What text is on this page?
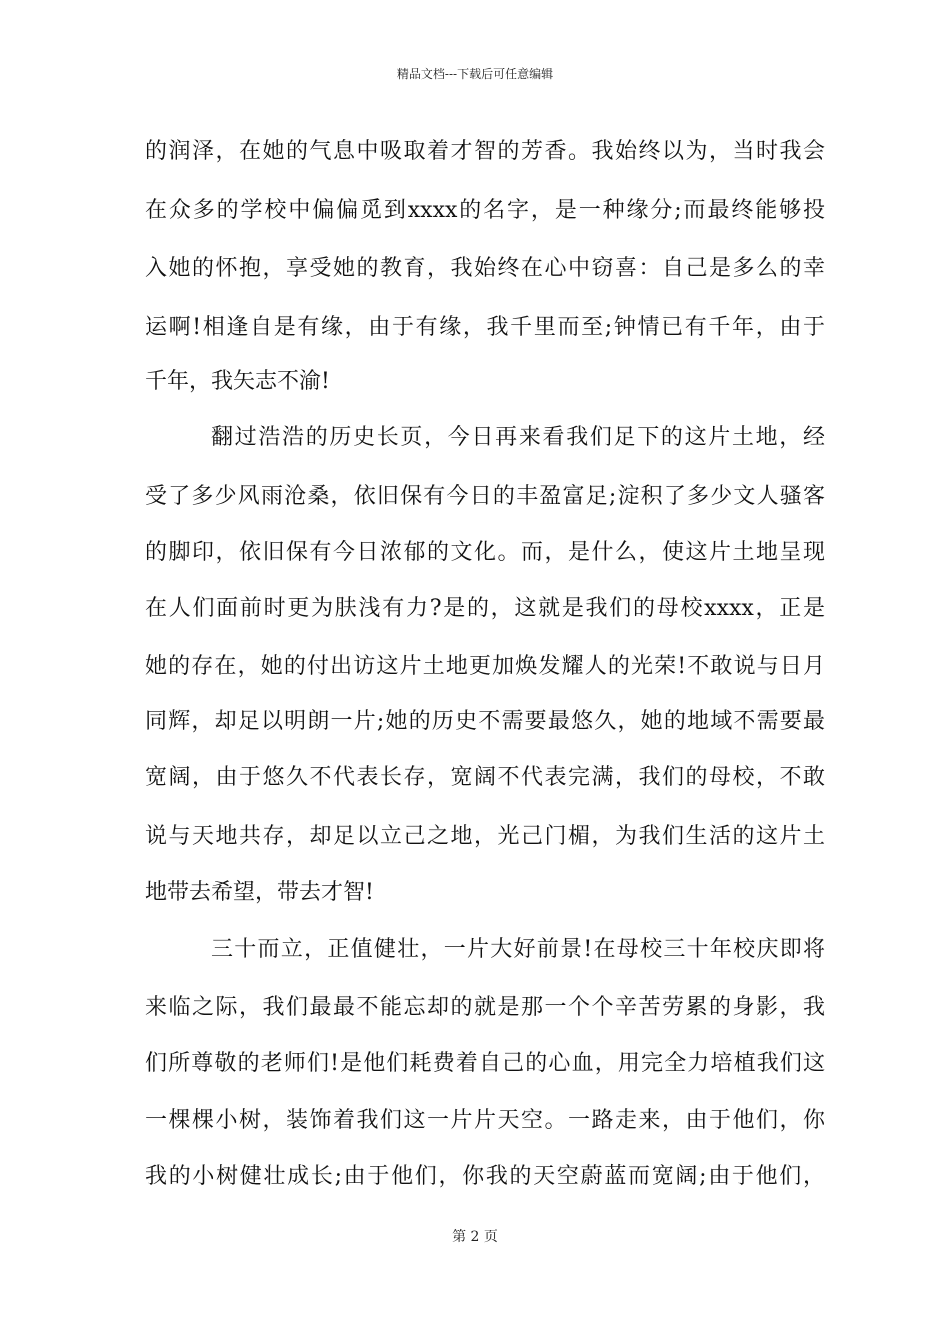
精品文档---下载后可任意编辑
的润泽，在她的气息中吸取着才智的芳香。我始终以为，当时我会
在众多的学校中偏偏觅到xxxx的名字，是一种缘分;而最终能够投
入她的怀抱，享受她的教育，我始终在心中窃喜：自己是多么的幸
运啊!相逢自是有缘，由于有缘，我千里而至;钟情已有千年，由于
千年，我矢志不渝!
翻过浩浩的历史长页，今日再来看我们足下的这片土地，经
受了多少风雨沧桑，依旧保有今日的丰盈富足;淀积了多少文人骚客
的脚印，依旧保有今日浓郁的文化。而，是什么，使这片土地呈现
在人们面前时更为肤浅有力?是的，这就是我们的母校xxxx，正是
她的存在，她的付出访这片土地更加焕发耀人的光荣!不敢说与日月
同辉，却足以明朗一片;她的历史不需要最悠久，她的地域不需要最
宽阔，由于悠久不代表长存，宽阔不代表完满，我们的母校，不敢
说与天地共存，却足以立己之地，光己门楣，为我们生活的这片土
地带去希望，带去才智!
三十而立，正值健壮，一片大好前景!在母校三十年校庆即将
来临之际，我们最最不能忘却的就是那一个个辛苦劳累的身影，我
们所尊敬的老师们!是他们耗费着自己的心血，用完全力培植我们这
一棵棵小树，装饰着我们这一片片天空。一路走来，由于他们，你
我的小树健壮成长;由于他们，你我的天空蔚蓝而宽阔;由于他们，
第 2 页
